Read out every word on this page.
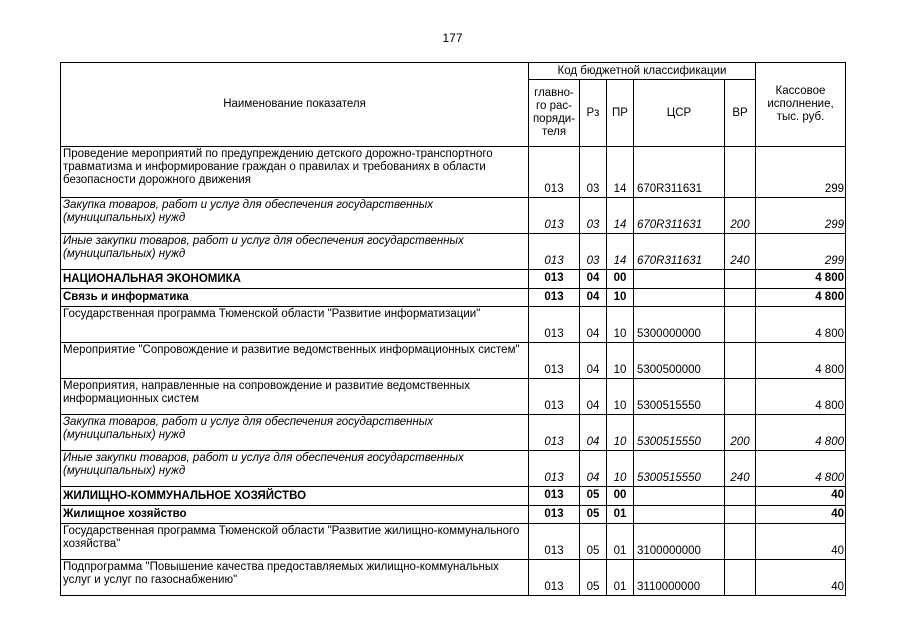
177
Наименование показателя	Код бюджетной классификации					Кассовое исполнение, тыс. руб.
	главно-го рас-поряди-теля	Рз	ПР	ЦСР	ВР	
Проведение мероприятий по предупреждению детского дорожно-транспортного травматизма и информирование граждан о правилах и требованиях в области безопасности дорожного движения	013	03	14	670R311631		299
Закупка товаров, работ и услуг для обеспечения государственных (муниципальных) нужд	013	03	14	670R311631	200	299
Иные закупки товаров, работ и услуг для обеспечения государственных (муниципальных) нужд	013	03	14	670R311631	240	299
НАЦИОНАЛЬНАЯ ЭКОНОМИКА	013	04	00			4 800
Связь и информатика	013	04	10			4 800
Государственная программа Тюменской области "Развитие информатизации"	013	04	10	5300000000		4 800
Мероприятие "Сопровождение и развитие ведомственных информационных систем"	013	04	10	5300500000		4 800
Мероприятия, направленные на сопровождение и развитие ведомственных информационных систем	013	04	10	5300515550		4 800
Закупка товаров, работ и услуг для обеспечения государственных (муниципальных) нужд	013	04	10	5300515550	200	4 800
Иные закупки товаров, работ и услуг для обеспечения государственных (муниципальных) нужд	013	04	10	5300515550	240	4 800
ЖИЛИЩНО-КОММУНАЛЬНОЕ ХОЗЯЙСТВО	013	05	00			40
Жилищное хозяйство	013	05	01			40
Государственная программа Тюменской области "Развитие жилищно-коммунального хозяйства"	013	05	01	3100000000		40
Подпрограмма "Повышение качества предоставляемых жилищно-коммунальных услуг и услуг по газоснабжению"	013	05	01	3110000000		40
